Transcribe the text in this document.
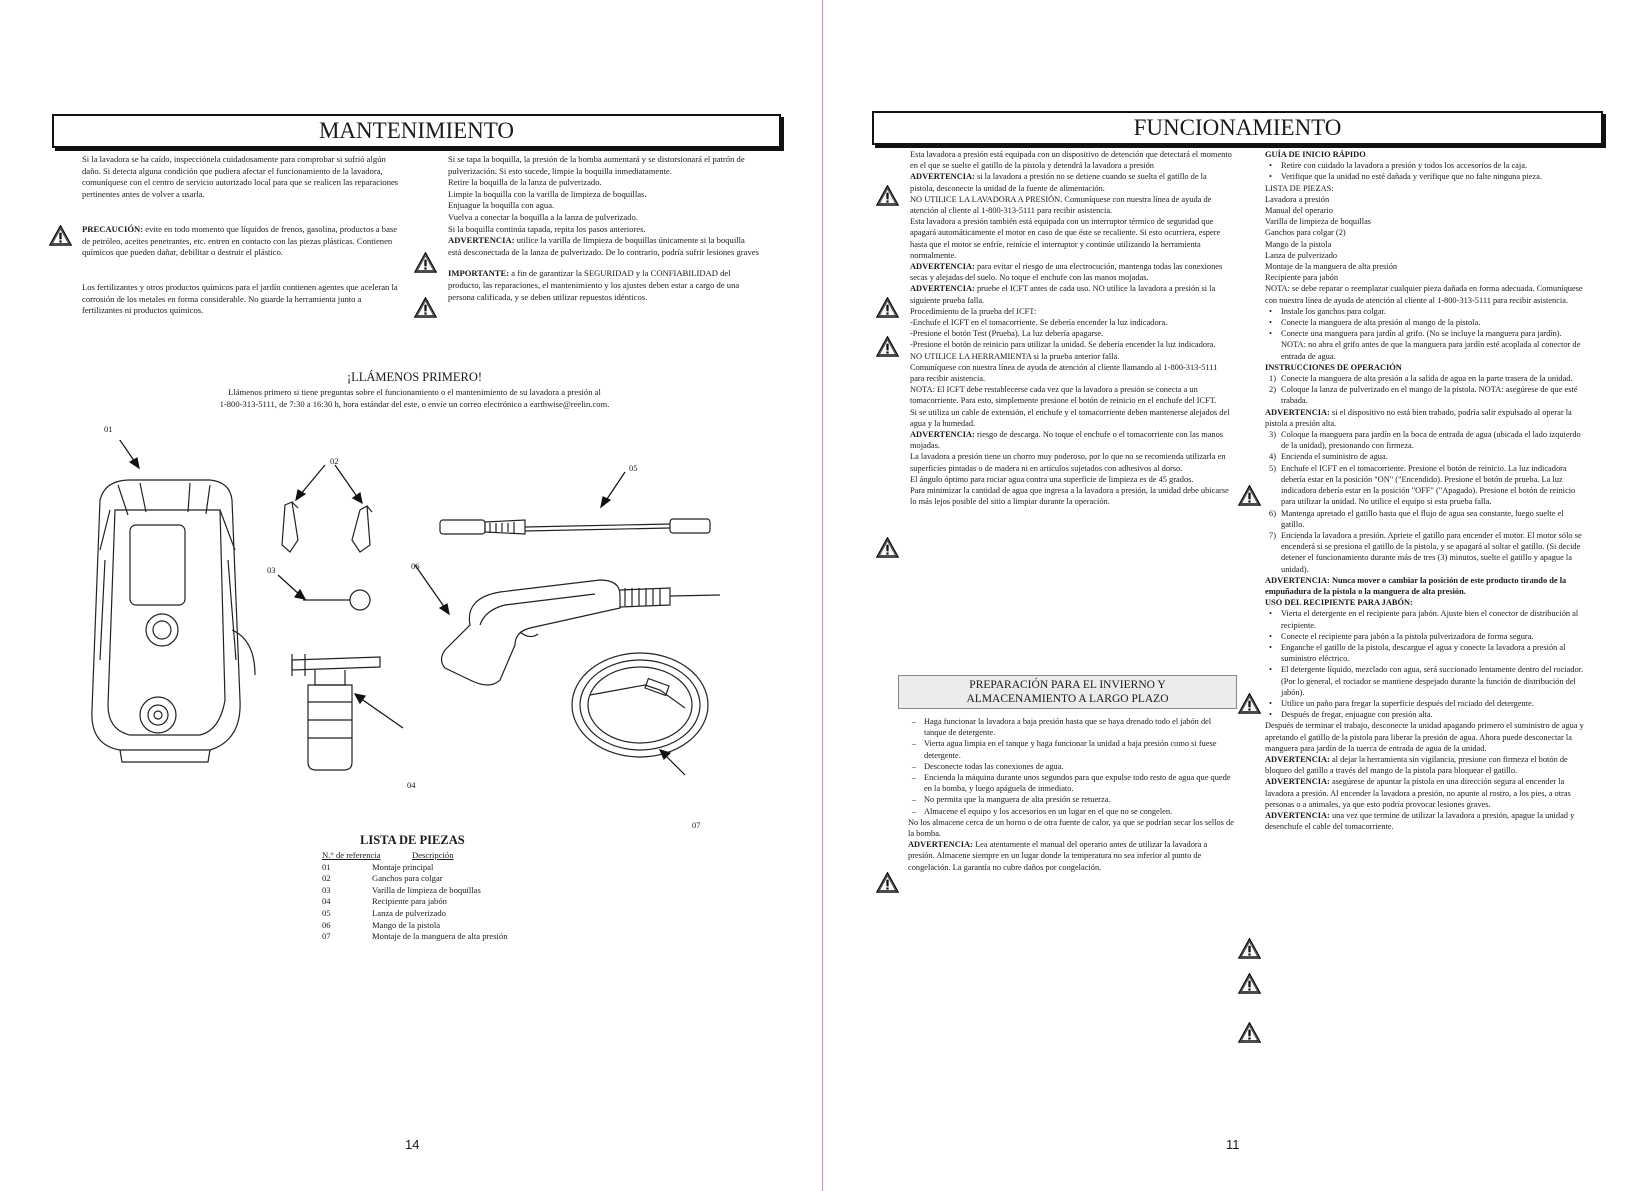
MANTENIMIENTO

Si la lavadora se ha caído, inspecciónela cuidadosamente para comprobar si sufrió algún daño. Si detecta alguna condición que pudiera afectar el funcionamiento de la lavadora, comuníquese con el centro de servicio autorizado local para que se realicen las reparaciones pertinentes antes de volver a usarla.

PRECAUCIÓN: evite en todo momento que líquidos de frenos, gasolina, productos a base de petróleo, aceites penetrantes, etc. entren en contacto con las piezas plásticas. Contienen químicos que pueden dañar, debilitar o destruir el plástico.

Los fertilizantes y otros productos químicos para el jardín contienen agentes que aceleran la corrosión de los metales en forma considerable. No guarde la herramienta junto a fertilizantes ni productos químicos.

Si se tapa la boquilla, la presión de la bomba aumentará y se distorsionará el patrón de pulverización. Si esto sucede, limpie la boquilla inmediatamente.

Retire la boquilla de la lanza de pulverizado.

Limpie la boquilla con la varilla de limpieza de boquillas.

Enjuague la boquilla con agua.

Vuelva a conectar la boquilla a la lanza de pulverizado.

Si la boquilla continúa tapada, repita los pasos anteriores.

ADVERTENCIA: utilice la varilla de limpieza de boquillas únicamente si la boquilla está desconectada de la lanza de pulverizado. De lo contrario, podría sufrir lesiones graves

IMPORTANTE: a fin de garantizar la SEGURIDAD y la CONFIABILIDAD del producto, las reparaciones, el mantenimiento y los ajustes deben estar a cargo de una persona calificada, y se deben utilizar repuestos idénticos.

¡LLÁMENOS PRIMERO!
Llámenos primero si tiene preguntas sobre el funcionamiento o el mantenimiento de su lavadora a presión al
1-800-313-5111, de 7:30 a 16:30 h, hora estándar del este, o envíe un correo electrónico a earthwise@reelin.com.
01
02
03
04
05
06
07
LISTA DE PIEZAS
N.° de referencia	Descripción
01	Montaje principal
02	Ganchos para colgar
03	Varilla de limpieza de boquillas
04	Recipiente para jabón
05	Lanza de pulverizado
06	Mango de la pistola
07	Montaje de la manguera de alta presión
14
FUNCIONAMIENTO

Esta lavadora a presión está equipada con un dispositivo de detención que detectará el momento en el que se suelte el gatillo de la pistola y detendrá la lavadora a presión

ADVERTENCIA: si la lavadora a presión no se detiene cuando se suelta el gatillo de la pistola, desconecte la unidad de la fuente de alimentación.

NO UTILICE LA LAVADORA A PRESIÓN. Comuníquese con nuestra línea de ayuda de atención al cliente al 1-800-313-5111 para recibir asistencia.

Esta lavadora a presión también está equipada con un interruptor térmico de seguridad que apagará automáticamente el motor en caso de que éste se recaliente. Si esto ocurriera, espere hasta que el motor se enfríe, reinicie el interruptor y continúe utilizando la herramienta normalmente.

ADVERTENCIA: para evitar el riesgo de una electrocución, mantenga todas las conexiones secas y alejadas del suelo. No toque el enchufe con las manos mojadas.

ADVERTENCIA: pruebe el ICFT antes de cada uso. NO utilice la lavadora a presión si la siguiente prueba falla.

Procedimiento de la prueba del ICFT:

-Enchufe el ICFT en el tomacorriente. Se debería encender la luz indicadora.

-Presione el botón Test (Prueba). La luz debería apagarse.

-Presione el botón de reinicio para utilizar la unidad. Se debería encender la luz indicadora.

NO UTILICE LA HERRAMIENTA si la prueba anterior falla.

Comuníquese con nuestra línea de ayuda de atención al cliente llamando al 1-800-313-5111 para recibir asistencia.

NOTA: El ICFT debe restablecerse cada vez que la lavadora a presión se conecta a un tomacorriente. Para esto, simplemente presione el botón de reinicio en el enchufe del ICFT.

Si se utiliza un cable de extensión, el enchufe y el tomacorriente deben mantenerse alejados del agua y la humedad.

ADVERTENCIA: riesgo de descarga. No toque el enchufe o el tomacorriente con las manos mojadas.

La lavadora a presión tiene un chorro muy poderoso, por lo que no se recomienda utilizarla en superficies pintadas o de madera ni en artículos sujetados con adhesivos al dorso.

El ángulo óptimo para rociar agua contra una superficie de limpieza es de 45 grados.

Para minimizar la cantidad de agua que ingresa a la lavadora a presión, la unidad debe ubicarse lo más lejos posible del sitio a limpiar durante la operación.

PREPARACIÓN PARA EL INVIERNO Y
ALMACENAMIENTO A LARGO PLAZO
– Haga funcionar la lavadora a baja presión hasta que se haya drenado todo el jabón del tanque de detergente.
– Vierta agua limpia en el tanque y haga funcionar la unidad a baja presión como si fuese detergente.
– Desconecte todas las conexiones de agua.
– Encienda la máquina durante unos segundos para que expulse todo resto de agua que quede en la bomba, y luego apáguela de inmediato.
– No permita que la manguera de alta presión se retuerza.
– Almacene el equipo y los accesorios en un lugar en el que no se congelen.

No los almacene cerca de un horno o de otra fuente de calor, ya que se podrían secar los sellos de la bomba.

ADVERTENCIA: Lea atentamente el manual del operario antes de utilizar la lavadora a presión. Almacene siempre en un lugar donde la temperatura no sea inferior al punto de congelación. La garantía no cubre daños por congelación.

GUÍA DE INICIO RÁPIDO

• Retire con cuidado la lavadora a presión y todos los accesorios de la caja.
• Verifique que la unidad no esté dañada y verifique que no falte ninguna pieza.

LISTA DE PIEZAS:

Lavadora a presión

Manual del operario

Varilla de limpieza de boquillas

Ganchos para colgar (2)

Mango de la pistola

Lanza de pulverizado

Montaje de la manguera de alta presión

Recipiente para jabón

NOTA: se debe reparar o reemplazar cualquier pieza dañada en forma adecuada. Comuníquese con nuestra línea de ayuda de atención al cliente al 1-800-313-5111 para recibir asistencia.

• Instale los ganchos para colgar.
• Conecte la manguera de alta presión al mango de la pistola.
• Conecte una manguera para jardín al grifo. (No se incluye la manguera para jardín). NOTA: no abra el grifo antes de que la manguera para jardín esté acoplada al conector de entrada de agua.

INSTRUCCIONES DE OPERACIÓN

1) Conecte la manguera de alta presión a la salida de agua en la parte trasera de la unidad.
2) Coloque la lanza de pulverizado en el mango de la pistola. NOTA: asegúrese de que esté trabada.

ADVERTENCIA: si el dispositivo no está bien trabado, podría salir expulsado al operar la pistola a presión alta.

3) Coloque la manguera para jardín en la boca de entrada de agua (ubicada el lado izquierdo de la unidad), presionando con firmeza.
4) Encienda el suministro de agua.
5) Enchufe el ICFT en el tomacorriente. Presione el botón de reinicio. La luz indicadora debería estar en la posición "ON" ("Encendido). Presione el botón de prueba. La luz indicadora debería estar en la posición "OFF" ("Apagado). Presione el botón de reinicio para utilizar la unidad. No utilice el equipo si esta prueba falla.
6) Mantenga apretado el gatillo hasta que el flujo de agua sea constante, luego suelte el gatillo.
7) Encienda la lavadora a presión. Apriete el gatillo para encender el motor. El motor sólo se encenderá si se presiona el gatillo de la pistola, y se apagará al soltar el gatillo. (Si decide detener el funcionamiento durante más de tres (3) minutos, suelte el gatillo y apague la unidad).

ADVERTENCIA: Nunca mover o cambiar la posición de este producto tirando de la empuñadura de la pistola o la manguera de alta presión.

USO DEL RECIPIENTE PARA JABÓN:

• Vierta el detergente en el recipiente para jabón. Ajuste bien el conector de distribución al recipiente.
• Conecte el recipiente para jabón a la pistola pulverizadora de forma segura.
• Enganche el gatillo de la pistola, descargue el agua y conecte la lavadora a presión al suministro eléctrico.
• El detergente líquido, mezclado con agua, será succionado lentamente dentro del rociador. (Por lo general, el rociador se mantiene despejado durante la función de distribución del jabón).
• Utilice un paño para fregar la superficie después del rociado del detergente.
• Después de fregar, enjuague con presión alta.

Después de terminar el trabajo, desconecte la unidad apagando primero el suministro de agua y apretando el gatillo de la pistola para liberar la presión de agua. Ahora puede desconectar la manguera para jardín de la tuerca de entrada de agua de la unidad.

ADVERTENCIA: al dejar la herramienta sin vigilancia, presione con firmeza el botón de bloqueo del gatillo a través del mango de la pistola para bloquear el gatillo.

ADVERTENCIA: asegúrese de apuntar la pistola en una dirección segura al encender la lavadora a presión. Al encender la lavadora a presión, no apunte al rostro, a los pies, a otras personas o a animales, ya que esto podría provocar lesiones graves.

ADVERTENCIA: una vez que termine de utilizar la lavadora a presión, apague la unidad y desenchufe el cable del tomacorriente.

11
